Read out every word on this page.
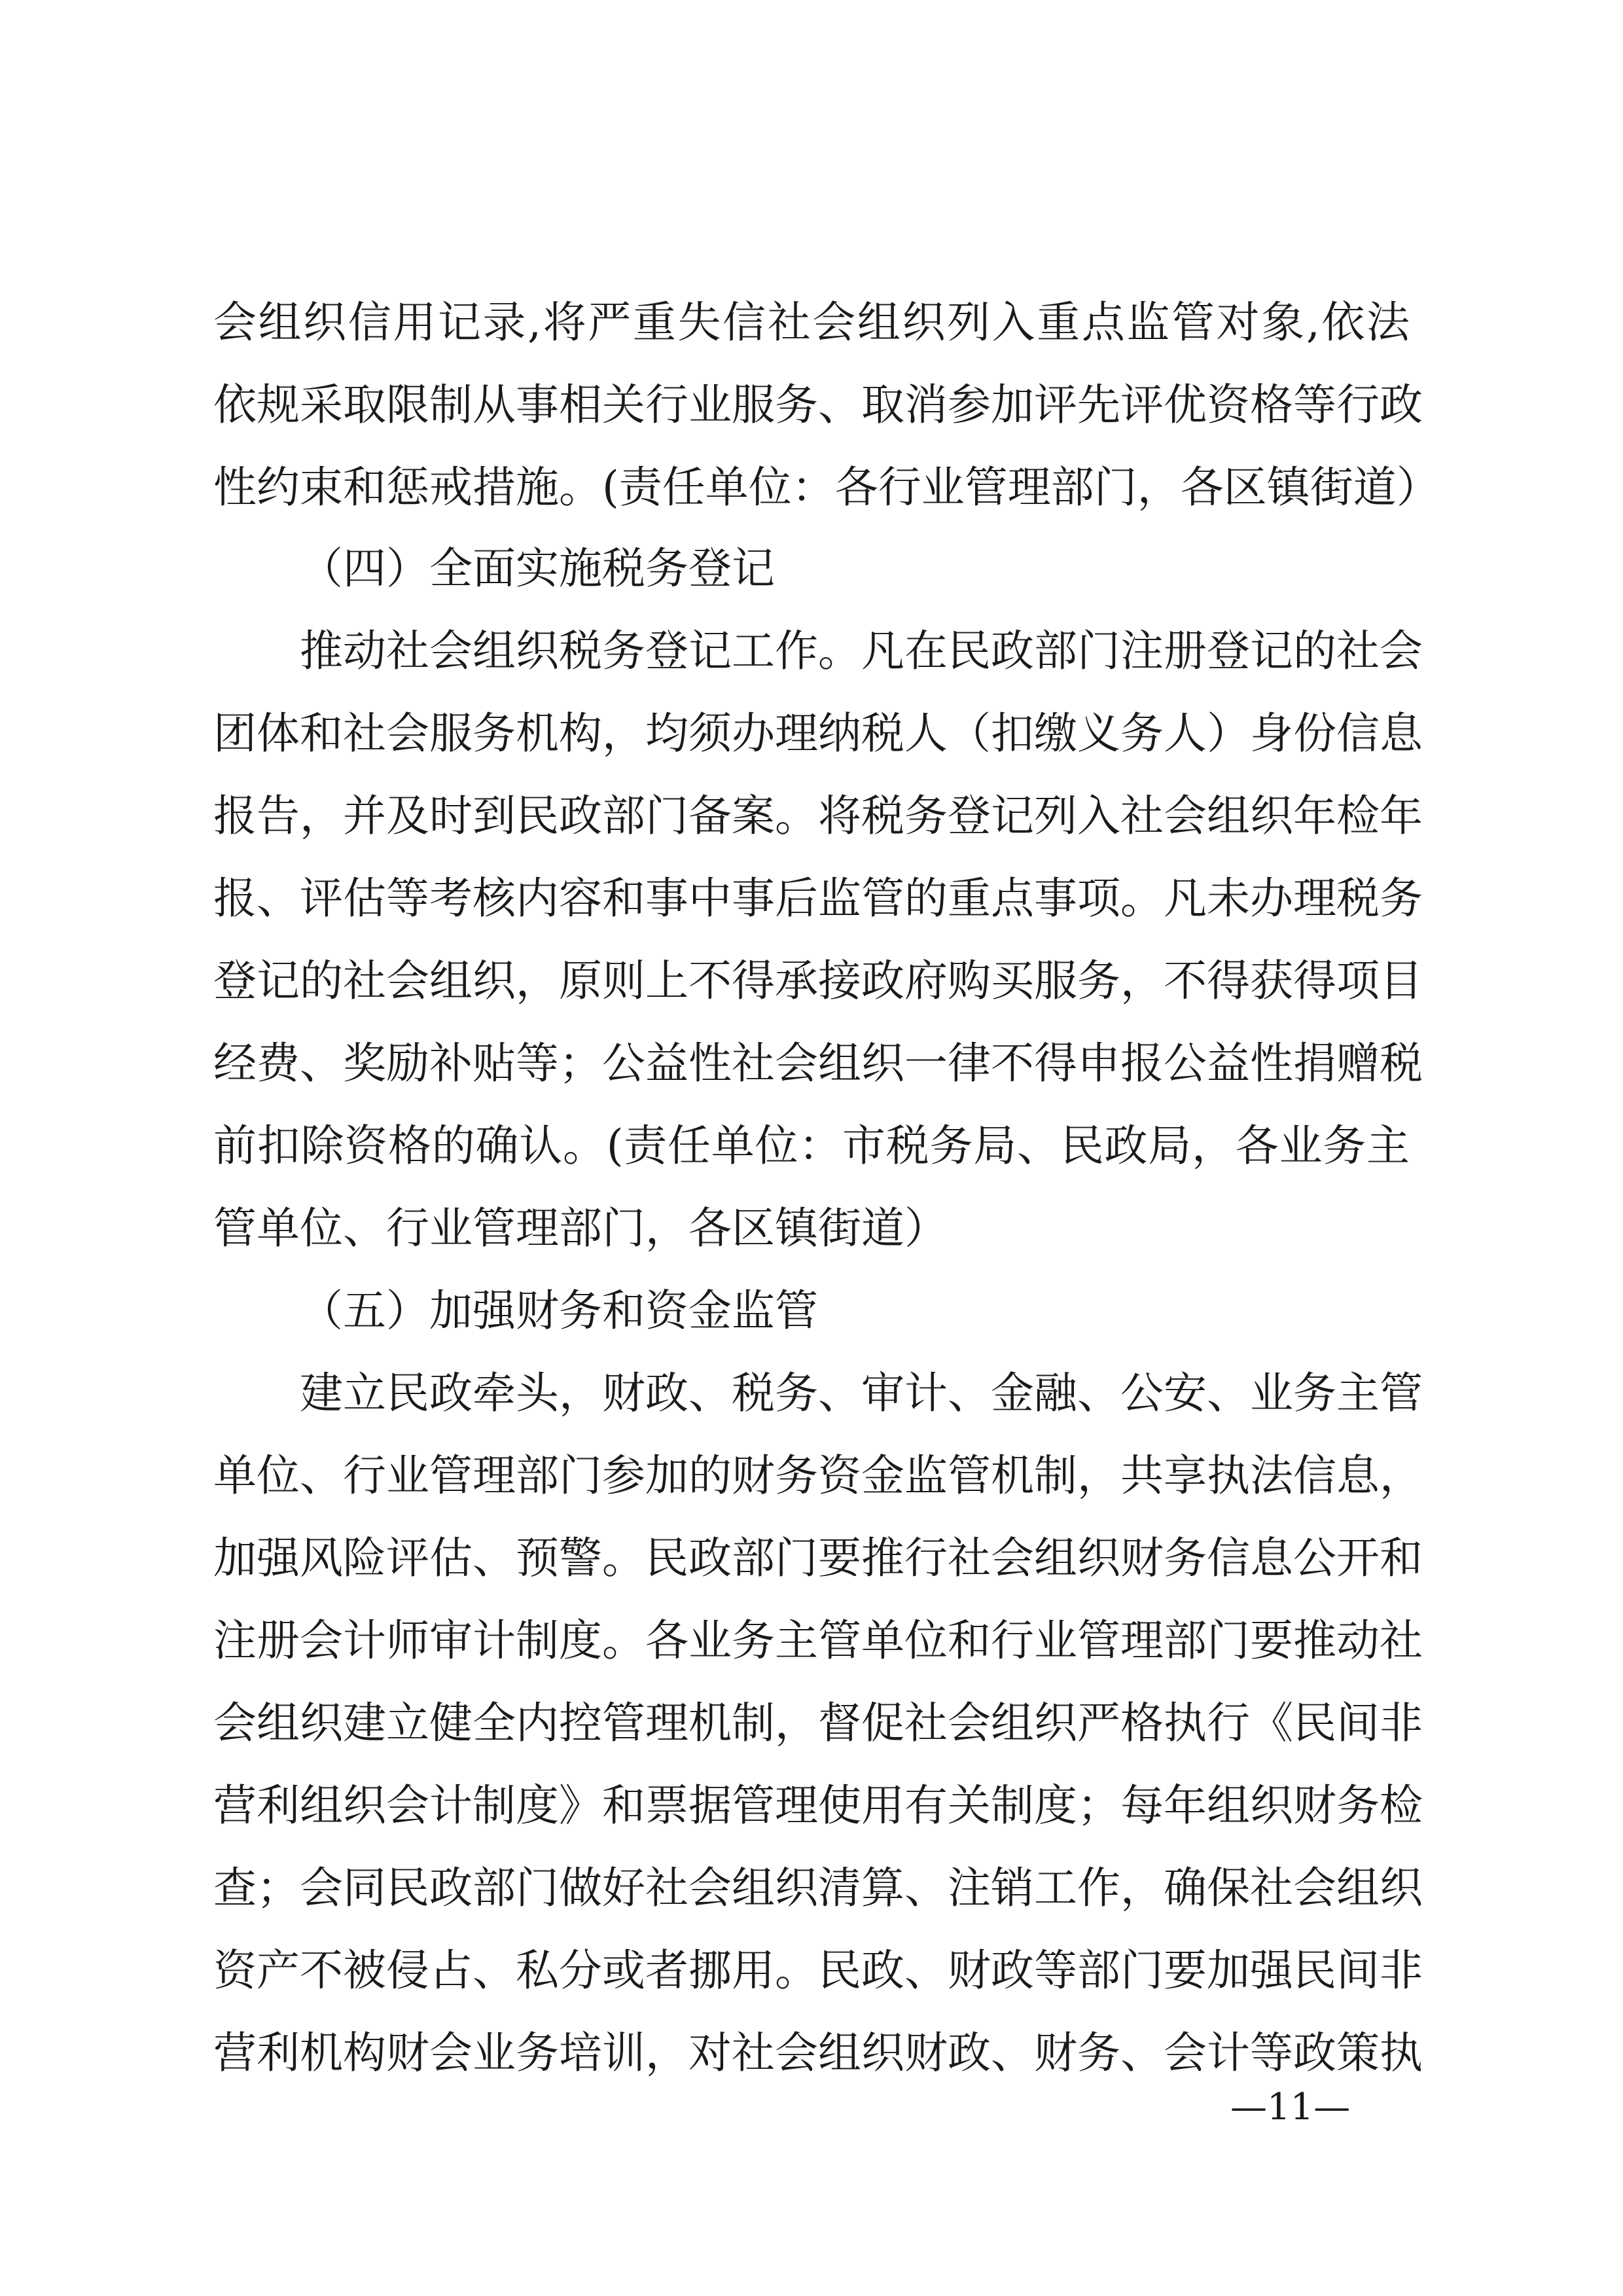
会组织信用记录,将严重失信社会组织列入重点监管对象,依法
依规采取限制从事相关行业服务、取消参加评先评优资格等行政
性约束和惩戒措施。(责任单位：各行业管理部门，各区镇街道）
（四）全面实施税务登记
推动社会组织税务登记工作。凡在民政部门注册登记的社会
团体和社会服务机构，均须办理纳税人（扣缴义务人）身份信息
报告，并及时到民政部门备案。将税务登记列入社会组织年检年
报、评估等考核内容和事中事后监管的重点事项。凡未办理税务
登记的社会组织，原则上不得承接政府购买服务，不得获得项目
经费、奖励补贴等；公益性社会组织一律不得申报公益性捐赠税
前扣除资格的确认。(责任单位：市税务局、民政局，各业务主
管单位、行业管理部门，各区镇街道）
（五）加强财务和资金监管
建立民政牵头，财政、税务、审计、金融、公安、业务主管
单位、行业管理部门参加的财务资金监管机制，共享执法信息，
加强风险评估、预警。民政部门要推行社会组织财务信息公开和
注册会计师审计制度。各业务主管单位和行业管理部门要推动社
会组织建立健全内控管理机制，督促社会组织严格执行《民间非
营利组织会计制度》和票据管理使用有关制度；每年组织财务检
查；会同民政部门做好社会组织清算、注销工作，确保社会组织
资产不被侵占、私分或者挪用。民政、财政等部门要加强民间非
营利机构财会业务培训，对社会组织财政、财务、会计等政策执
—11—
